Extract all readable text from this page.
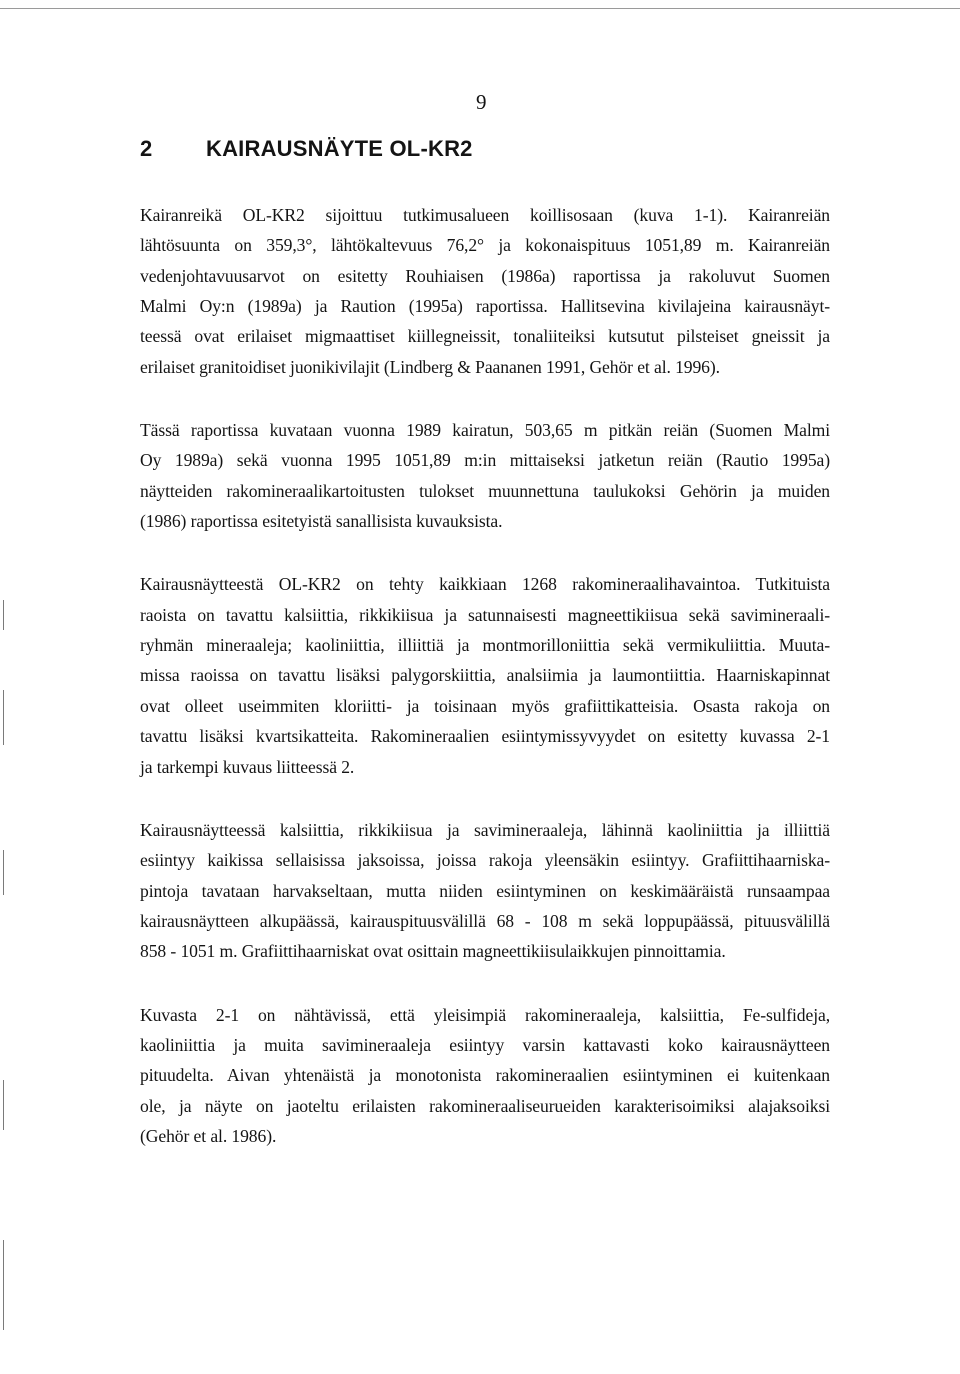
9
2 KAIRAUSNÄYTE OL-KR2

Kairanreikä OL-KR2 sijoittuu tutkimusalueen koillisosaan (kuva 1-1). Kairanreiän
lähtösuunta on 359,3°, lähtökaltevuus 76,2° ja kokonaispituus 1051,89 m. Kairanreiän
vedenjohtavuusarvot on esitetty Rouhiaisen (1986a) raportissa ja rakoluvut Suomen
Malmi Oy:n (1989a) ja Raution (1995a) raportissa. Hallitsevina kivilajeina kairausnäyt-
teessä ovat erilaiset migmaattiset kiillegneissit, tonaliiteiksi kutsutut pilsteiset gneissit ja
erilaiset granitoidiset juonikivilajit (Lindberg & Paananen 1991, Gehör et al. 1996).

Tässä raportissa kuvataan vuonna 1989 kairatun, 503,65 m pitkän reiän (Suomen Malmi
Oy 1989a) sekä vuonna 1995 1051,89 m:in mittaiseksi jatketun reiän (Rautio 1995a)
näytteiden rakomineraalikartoitusten tulokset muunnettuna taulukoksi Gehörin ja muiden
(1986) raportissa esitetyistä sanallisista kuvauksista.

Kairausnäytteestä OL-KR2 on tehty kaikkiaan 1268 rakomineraalihavaintoa. Tutkituista
raoista on tavattu kalsiittia, rikkikiisua ja satunnaisesti magneettikiisua sekä savimineraali-
ryhmän mineraaleja; kaoliniittia, illiittiä ja montmorilloniittia sekä vermikuliittia. Muuta-
missa raoissa on tavattu lisäksi palygorskiittia, analsiimia ja laumontiittia. Haarniskapinnat
ovat olleet useimmiten kloriitti- ja toisinaan myös grafiittikatteisia. Osasta rakoja on
tavattu lisäksi kvartsikatteita. Rakomineraalien esiintymissyvyydet on esitetty kuvassa 2-1
ja tarkempi kuvaus liitteessä 2.

Kairausnäytteessä kalsiittia, rikkikiisua ja savimineraaleja, lähinnä kaoliniittia ja illiittiä
esiintyy kaikissa sellaisissa jaksoissa, joissa rakoja yleensäkin esiintyy. Grafiittihaarniska-
pintoja tavataan harvakseltaan, mutta niiden esiintyminen on keskimääräistä runsaampaa
kairausnäytteen alkupäässä, kairauspituusvälillä 68 - 108 m sekä loppupäässä, pituusvälillä
858 - 1051 m. Grafiittihaarniskat ovat osittain magneettikiisulaikkujen pinnoittamia.

Kuvasta 2-1 on nähtävissä, että yleisimpiä rakomineraaleja, kalsiittia, Fe-sulfideja,
kaoliniittia ja muita savimineraaleja esiintyy varsin kattavasti koko kairausnäytteen
pituudelta. Aivan yhtenäistä ja monotonista rakomineraalien esiintyminen ei kuitenkaan
ole, ja näyte on jaoteltu erilaisten rakomineraaliseurueiden karakterisoimiksi alajaksoiksi
(Gehör et al. 1986).
